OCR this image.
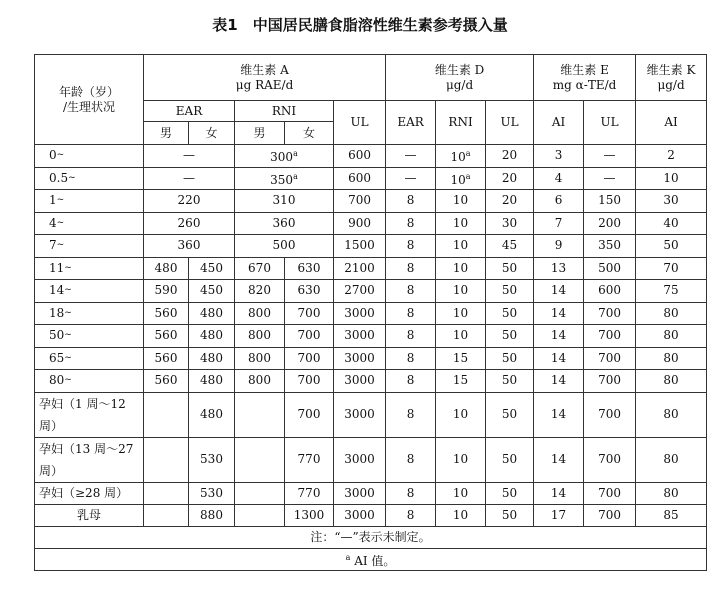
表1　中国居民膳食脂溶性维生素参考摄入量
年龄（岁）
/生理状况	维生素 A
μg RAE/d					维生素 D
μg/d			维生素 E
mg α-TE/d		维生素 K
μg/d
	EAR		RNI		UL	EAR	RNI	UL	AI	UL	AI
	男	女	男	女							
0~	—		300$^a$		600	—	10$^a$	20	3	—	2
0.5~	—		350$^a$		600	—	10$^a$	20	4	—	10
1~	220		310		700	8	10	20	6	150	30
4~	260		360		900	8	10	30	7	200	40
7~	360		500		1500	8	10	45	9	350	50
11~	480	450	670	630	2100	8	10	50	13	500	70
14~	590	450	820	630	2700	8	10	50	14	600	75
18~	560	480	800	700	3000	8	10	50	14	700	80
50~	560	480	800	700	3000	8	10	50	14	700	80
65~	560	480	800	700	3000	8	15	50	14	700	80
80~	560	480	800	700	3000	8	15	50	14	700	80
孕妇（1 周～12 周）		480		700	3000	8	10	50	14	700	80
孕妇（13 周～27 周）		530		770	3000	8	10	50	14	700	80
孕妇（≥28 周）		530		770	3000	8	10	50	14	700	80
乳母		880		1300	3000	8	10	50	17	700	85
注：“—”表示未制定。											
$^a$ AI 值。											
